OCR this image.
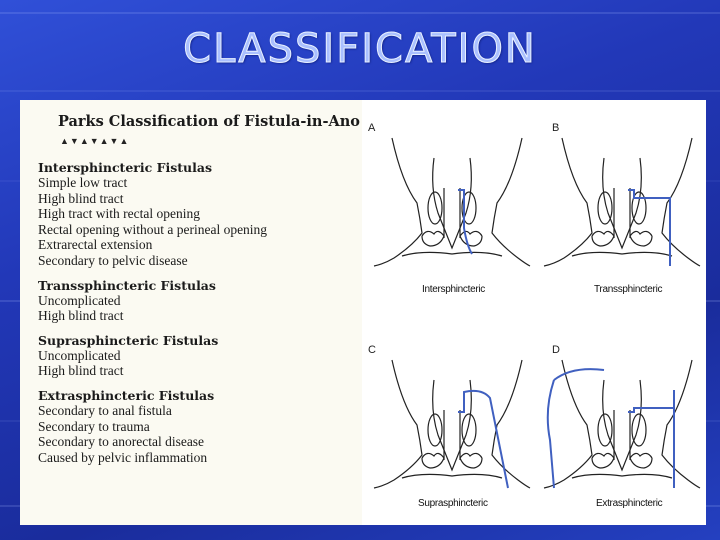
CLASSIFICATION
Parks Classification of Fistula-in-Ano
▲▼▲▼▲▼▲
Intersphincteric Fistulas
Simple low tract
High blind tract
High tract with rectal opening
Rectal opening without a perineal opening
Extrarectal extension
Secondary to pelvic disease
Transsphincteric Fistulas
Uncomplicated
High blind tract
Suprasphincteric Fistulas
Uncomplicated
High blind tract
Extrasphincteric Fistulas
Secondary to anal fistula
Secondary to trauma
Secondary to anorectal disease
Caused by pelvic inflammation
A
Intersphincteric
B
Transsphincteric
C
Suprasphincteric
D
Extrasphincteric
